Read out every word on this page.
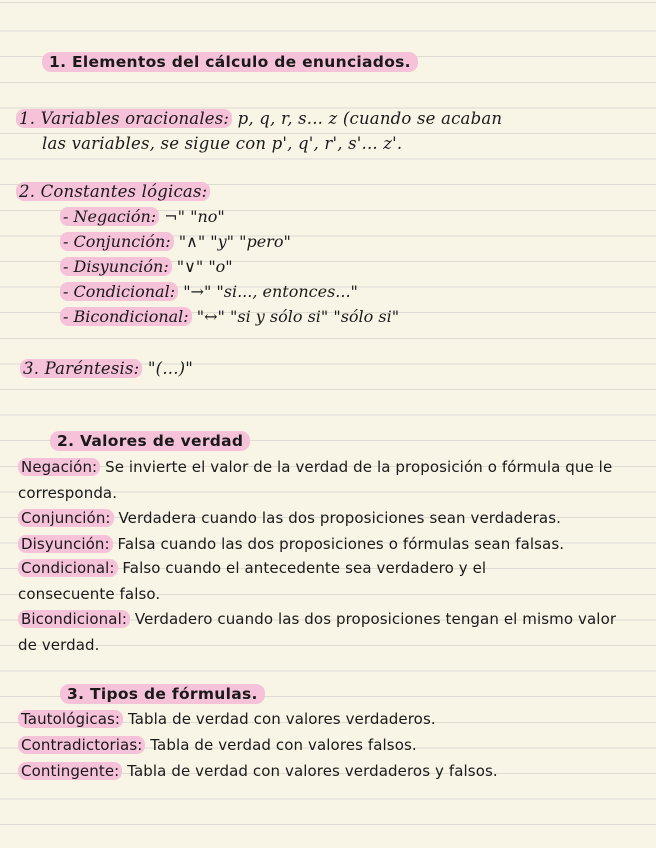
1. Elementos del cálculo de enunciados.
1. Variables oracionales: p, q, r, s... z (cuando se acaban
las variables, se sigue con p', q', r', s'... z'.
2. Constantes lógicas:
- Negación: ¬" "no"
- Conjunción: "∧" "y" "pero"
- Disyunción: "∨" "o"
- Condicional: "→" "si..., entonces..."
- Bicondicional: "↔" "si y sólo si" "sólo si"
3. Paréntesis: "(...)"
2. Valores de verdad
Negación: Se invierte el valor de la verdad de la proposición o fórmula que le corresponda.
Conjunción: Verdadera cuando las dos proposiciones sean verdaderas.
Disyunción: Falsa cuando las dos proposiciones o fórmulas sean falsas.
Condicional: Falso cuando el antecedente sea verdadero y el consecuente falso.
Bicondicional: Verdadero cuando las dos proposiciones tengan el mismo valor de verdad.
3. Tipos de fórmulas.
Tautológicas: Tabla de verdad con valores verdaderos.
Contradictorias: Tabla de verdad con valores falsos.
Contingente: Tabla de verdad con valores verdaderos y falsos.
